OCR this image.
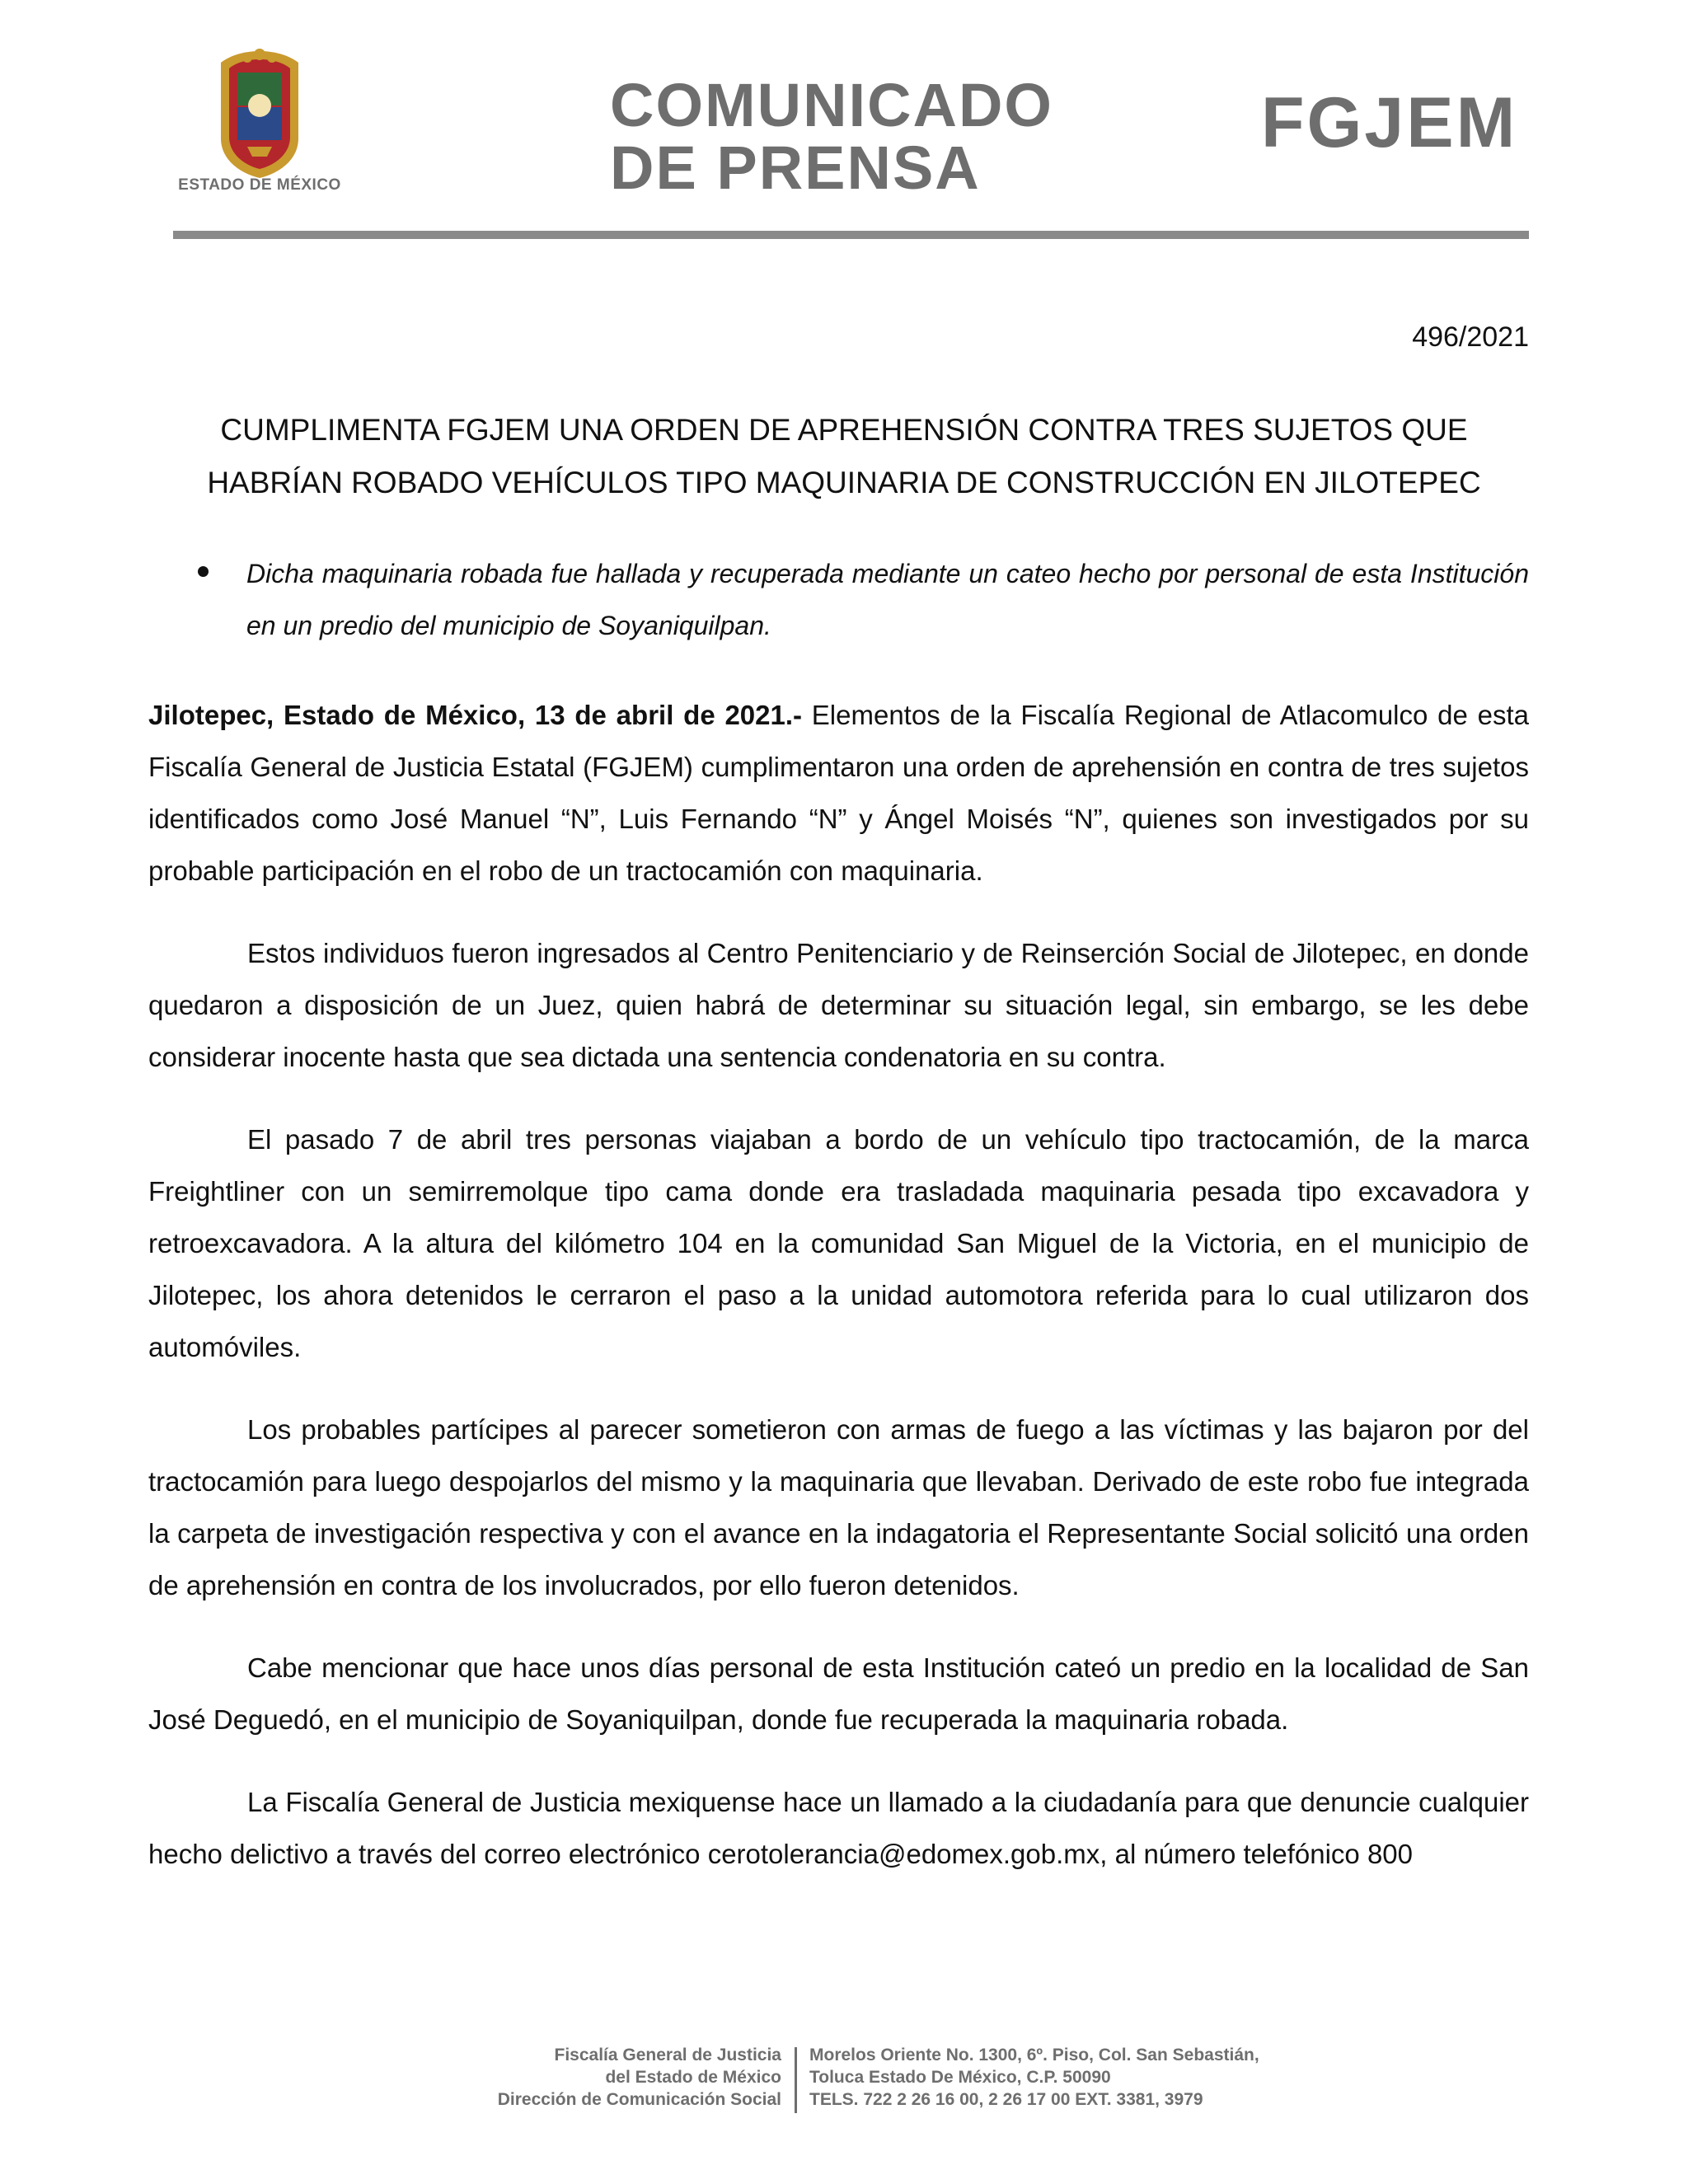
ESTADO DE MÉXICO
COMUNICADO
DE PRENSA
FGJEM
496/2021
CUMPLIMENTA FGJEM UNA ORDEN DE APREHENSIÓN CONTRA TRES SUJETOS QUE
HABRÍAN ROBADO VEHÍCULOS TIPO MAQUINARIA DE CONSTRUCCIÓN EN JILOTEPEC
Dicha maquinaria robada fue hallada y recuperada mediante un cateo hecho por personal de esta Institución en un predio del municipio de Soyaniquilpan.

Jilotepec, Estado de México, 13 de abril de 2021.- Elementos de la Fiscalía Regional de Atlacomulco de esta Fiscalía General de Justicia Estatal (FGJEM) cumplimentaron una orden de aprehensión en contra de tres sujetos identificados como José Manuel “N”, Luis Fernando “N” y Ángel Moisés “N”, quienes son investigados por su probable participación en el robo de un tractocamión con maquinaria.

Estos individuos fueron ingresados al Centro Penitenciario y de Reinserción Social de Jilotepec, en donde quedaron a disposición de un Juez, quien habrá de determinar su situación legal, sin embargo, se les debe considerar inocente hasta que sea dictada una sentencia condenatoria en su contra.

El pasado 7 de abril tres personas viajaban a bordo de un vehículo tipo tractocamión, de la marca Freightliner con un semirremolque tipo cama donde era trasladada maquinaria pesada tipo excavadora y retroexcavadora. A la altura del kilómetro 104 en la comunidad San Miguel de la Victoria, en el municipio de Jilotepec, los ahora detenidos le cerraron el paso a la unidad automotora referida para lo cual utilizaron dos automóviles.

Los probables partícipes al parecer sometieron con armas de fuego a las víctimas y las bajaron por del tractocamión para luego despojarlos del mismo y la maquinaria que llevaban. Derivado de este robo fue integrada la carpeta de investigación respectiva y con el avance en la indagatoria el Representante Social solicitó una orden de aprehensión en contra de los involucrados, por ello fueron detenidos.

Cabe mencionar que hace unos días personal de esta Institución cateó un predio en la localidad de San José Deguedó, en el municipio de Soyaniquilpan, donde fue recuperada la maquinaria robada.

La Fiscalía General de Justicia mexiquense hace un llamado a la ciudadanía para que denuncie cualquier hecho delictivo a través del correo electrónico cerotolerancia@edomex.gob.mx, al número telefónico 800

Fiscalía General de Justicia
del Estado de México
Dirección de Comunicación Social
Morelos Oriente No. 1300, 6º. Piso, Col. San Sebastián,
Toluca Estado De México, C.P. 50090
TELS. 722 2 26 16 00, 2 26 17 00 EXT. 3381, 3979
